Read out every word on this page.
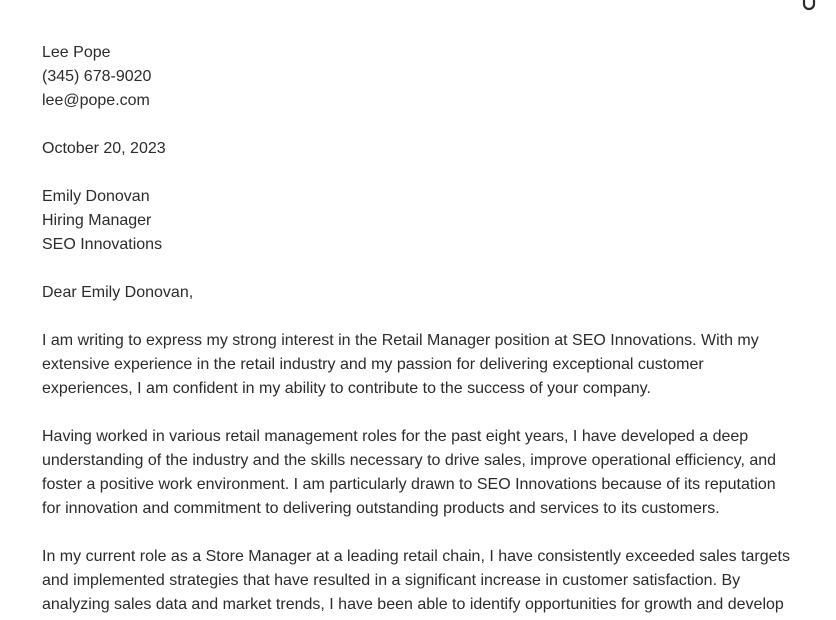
Lee Pope
(345) 678-9020
lee@pope.com
October 20, 2023
Emily Donovan
Hiring Manager
SEO Innovations
Dear Emily Donovan,

I am writing to express my strong interest in the Retail Manager position at SEO Innovations. With my
extensive experience in the retail industry and my passion for delivering exceptional customer
experiences, I am confident in my ability to contribute to the success of your company.

Having worked in various retail management roles for the past eight years, I have developed a deep
understanding of the industry and the skills necessary to drive sales, improve operational efficiency, and
foster a positive work environment. I am particularly drawn to SEO Innovations because of its reputation
for innovation and commitment to delivering outstanding products and services to its customers.

In my current role as a Store Manager at a leading retail chain, I have consistently exceeded sales targets
and implemented strategies that have resulted in a significant increase in customer satisfaction. By
analyzing sales data and market trends, I have been able to identify opportunities for growth and develop
